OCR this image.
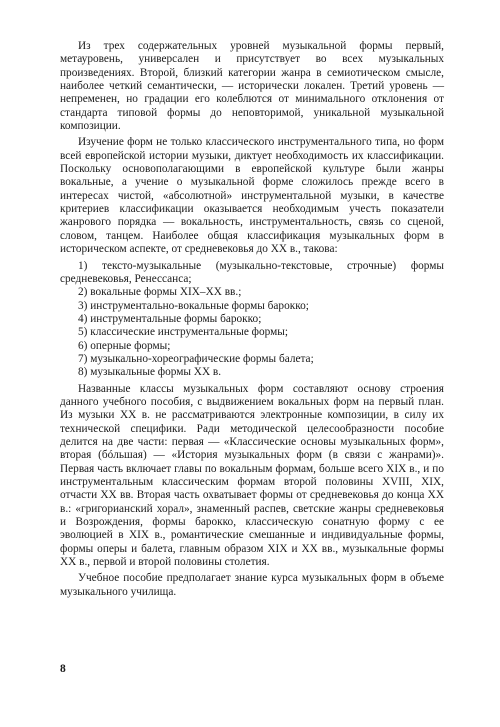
Из трех содержательных уровней музыкальной формы первый, метауровень, универсален и присутствует во всех музыкальных произведениях. Второй, близкий категории жанра в семиотическом смысле, наиболее четкий семантически, — исторически локален. Третий уровень — непременен, но градации его колеблются от минимального отклонения от стандарта типовой формы до неповторимой, уникальной музыкальной композиции.

Изучение форм не только классического инструментального типа, но форм всей европейской истории музыки, диктует необходимость их классификации. Поскольку основополагающими в европейской культуре были жанры вокальные, а учение о музыкальной форме сложилось прежде всего в интересах чистой, «абсолютной» инструментальной музыки, в качестве критериев классификации оказывается необходимым учесть показатели жанрового порядка — вокальность, инструментальность, связь со сценой, словом, танцем. Наиболее общая классификация музыкальных форм в историческом аспекте, от средневековья до XX в., такова:

1) тексто-музыкальные (музыкально-текстовые, строчные) формы средневековья, Ренессанса;
2) вокальные формы XIX–XX вв.;
3) инструментально-вокальные формы барокко;
4) инструментальные формы барокко;
5) классические инструментальные формы;
6) оперные формы;
7) музыкально-хореографические формы балета;
8) музыкальные формы XX в.

Названные классы музыкальных форм составляют основу строения данного учебного пособия, с выдвижением вокальных форм на первый план. Из музыки XX в. не рассматриваются электронные композиции, в силу их технической специфики. Ради методической целесообразности пособие делится на две части: первая — «Классические основы музыкальных форм», вторая (бóльшая) — «История музыкальных форм (в связи с жанрами)». Первая часть включает главы по вокальным формам, больше всего XIX в., и по инструментальным классическим формам второй половины XVIII, XIX, отчасти XX вв. Вторая часть охватывает формы от средневековья до конца XX в.: «григорианский хорал», знаменный распев, светские жанры средневековья и Возрождения, формы барокко, классическую сонатную форму с ее эволюцией в XIX в., романтические смешанные и индивидуальные формы, формы оперы и балета, главным образом XIX и XX вв., музыкальные формы XX в., первой и второй половины столетия.

Учебное пособие предполагает знание курса музыкальных форм в объеме музыкального училища.

8
